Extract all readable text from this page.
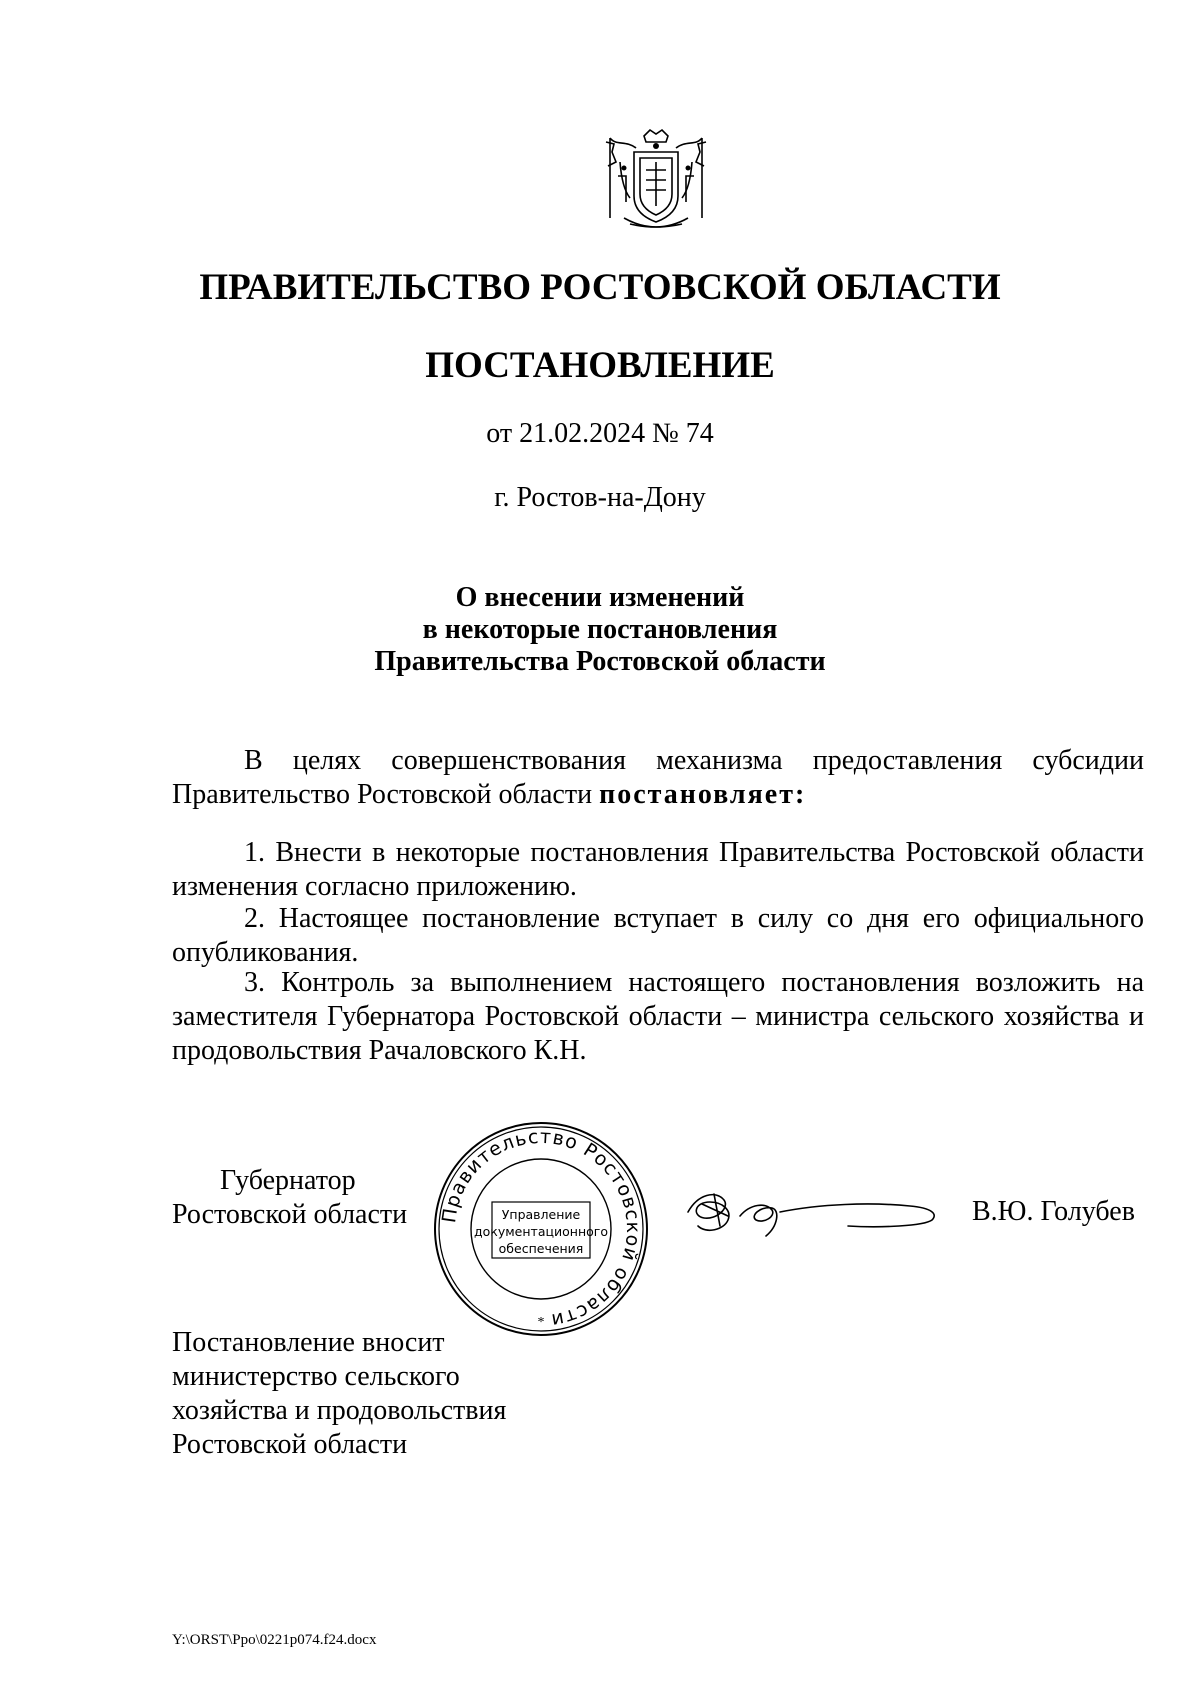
ПРАВИТЕЛЬСТВО РОСТОВСКОЙ ОБЛАСТИ
ПОСТАНОВЛЕНИЕ
от 21.02.2024 № 74
г. Ростов-на-Дону
О внесении изменений
в некоторые постановления
Правительства Ростовской области
В целях совершенствования механизма предоставления субсидии Правительство Ростовской области постановляет:
1. Внести в некоторые постановления Правительства Ростовской области изменения согласно приложению.
2. Настоящее постановление вступает в силу со дня его официального опубликования.
3. Контроль за выполнением настоящего постановления возложить на заместителя Губернатора Ростовской области – министра сельского хозяйства и продовольствия Рачаловского К.Н.
Губернатор
Ростовской области Правительство Ростовской области
Управление
документационного
обеспечения
*
В.Ю. Голубев
Постановление вносит
министерство сельского
хозяйства и продовольствия
Ростовской области
Y:\ORST\Ppo\0221p074.f24.docx
